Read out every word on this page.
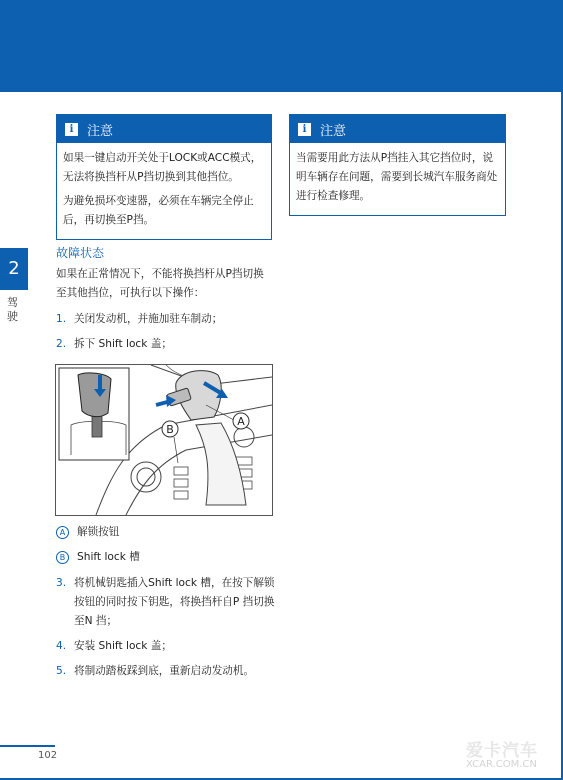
2
驾驶
i	注意

如果一键启动开关处于LOCK或ACC模式，无法将换挡杆从P挡切换到其他挡位。

为避免损坏变速器，必须在车辆完全停止后，再切换至P挡。

i	注意

当需要用此方法从P挡挂入其它挡位时，说明车辆存在问题，需要到长城汽车服务商处进行检查修理。

故障状态
如果在正常情况下，不能将换挡杆从P挡切换至其他挡位，可执行以下操作：
1. 关闭发动机，并施加驻车制动；
2. 拆下 Shift lock 盖；
A
B
A	解锁按钮
B	Shift lock 槽
3. 将机械钥匙插入Shift lock 槽，在按下解锁按钮的同时按下钥匙，将换挡杆自P 挡切换至N 挡；
4. 安装 Shift lock 盖；
5. 将制动踏板踩到底，重新启动发动机。
102	爱卡汽车
XCAR.COM.CN
